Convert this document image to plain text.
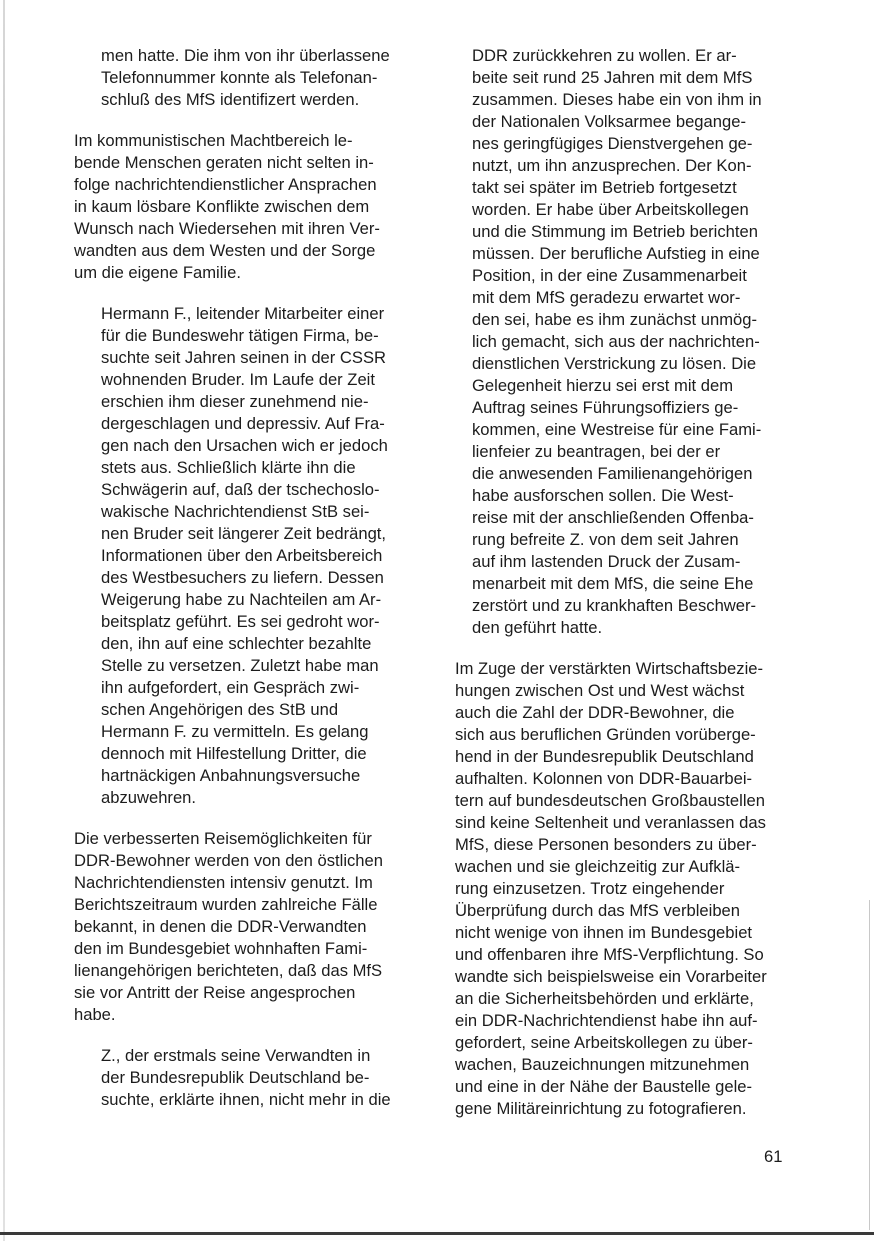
men hatte. Die ihm von ihr überlassene
Telefonnummer konnte als Telefonan-
schluß des MfS identifizert werden.

Im kommunistischen Machtbereich le-
bende Menschen geraten nicht selten in-
folge nachrichtendienstlicher Ansprachen
in kaum lösbare Konflikte zwischen dem
Wunsch nach Wiedersehen mit ihren Ver-
wandten aus dem Westen und der Sorge
um die eigene Familie.

Hermann F., leitender Mitarbeiter einer
für die Bundeswehr tätigen Firma, be-
suchte seit Jahren seinen in der CSSR
wohnenden Bruder. Im Laufe der Zeit
erschien ihm dieser zunehmend nie-
dergeschlagen und depressiv. Auf Fra-
gen nach den Ursachen wich er jedoch
stets aus. Schließlich klärte ihn die
Schwägerin auf, daß der tschechoslo-
wakische Nachrichtendienst StB sei-
nen Bruder seit längerer Zeit bedrängt,
Informationen über den Arbeitsbereich
des Westbesuchers zu liefern. Dessen
Weigerung habe zu Nachteilen am Ar-
beitsplatz geführt. Es sei gedroht wor-
den, ihn auf eine schlechter bezahlte
Stelle zu versetzen. Zuletzt habe man
ihn aufgefordert, ein Gespräch zwi-
schen Angehörigen des StB und
Hermann F. zu vermitteln. Es gelang
dennoch mit Hilfestellung Dritter, die
hartnäckigen Anbahnungsversuche
abzuwehren.

Die verbesserten Reisemöglichkeiten für
DDR-Bewohner werden von den östlichen
Nachrichtendiensten intensiv genutzt. Im
Berichtszeitraum wurden zahlreiche Fälle
bekannt, in denen die DDR-Verwandten
den im Bundesgebiet wohnhaften Fami-
lienangehörigen berichteten, daß das MfS
sie vor Antritt der Reise angesprochen
habe.

Z., der erstmals seine Verwandten in
der Bundesrepublik Deutschland be-
suchte, erklärte ihnen, nicht mehr in die

DDR zurückkehren zu wollen. Er ar-
beite seit rund 25 Jahren mit dem MfS
zusammen. Dieses habe ein von ihm in
der Nationalen Volksarmee begange-
nes geringfügiges Dienstvergehen ge-
nutzt, um ihn anzusprechen. Der Kon-
takt sei später im Betrieb fortgesetzt
worden. Er habe über Arbeitskollegen
und die Stimmung im Betrieb berichten
müssen. Der berufliche Aufstieg in eine
Position, in der eine Zusammenarbeit
mit dem MfS geradezu erwartet wor-
den sei, habe es ihm zunächst unmög-
lich gemacht, sich aus der nachrichten-
dienstlichen Verstrickung zu lösen. Die
Gelegenheit hierzu sei erst mit dem
Auftrag seines Führungsoffiziers ge-
kommen, eine Westreise für eine Fami-
lienfeier zu beantragen, bei der er
die anwesenden Familienangehörigen
habe ausforschen sollen. Die West-
reise mit der anschließenden Offenba-
rung befreite Z. von dem seit Jahren
auf ihm lastenden Druck der Zusam-
menarbeit mit dem MfS, die seine Ehe
zerstört und zu krankhaften Beschwer-
den geführt hatte.

Im Zuge der verstärkten Wirtschaftsbezie-
hungen zwischen Ost und West wächst
auch die Zahl der DDR-Bewohner, die
sich aus beruflichen Gründen vorüberge-
hend in der Bundesrepublik Deutschland
aufhalten. Kolonnen von DDR-Bauarbei-
tern auf bundesdeutschen Großbaustellen
sind keine Seltenheit und veranlassen das
MfS, diese Personen besonders zu über-
wachen und sie gleichzeitig zur Aufklä-
rung einzusetzen. Trotz eingehender
Überprüfung durch das MfS verbleiben
nicht wenige von ihnen im Bundesgebiet
und offenbaren ihre MfS-Verpflichtung. So
wandte sich beispielsweise ein Vorarbeiter
an die Sicherheitsbehörden und erklärte,
ein DDR-Nachrichtendienst habe ihn auf-
gefordert, seine Arbeitskollegen zu über-
wachen, Bauzeichnungen mitzunehmen
und eine in der Nähe der Baustelle gele-
gene Militäreinrichtung zu fotografieren.

61
